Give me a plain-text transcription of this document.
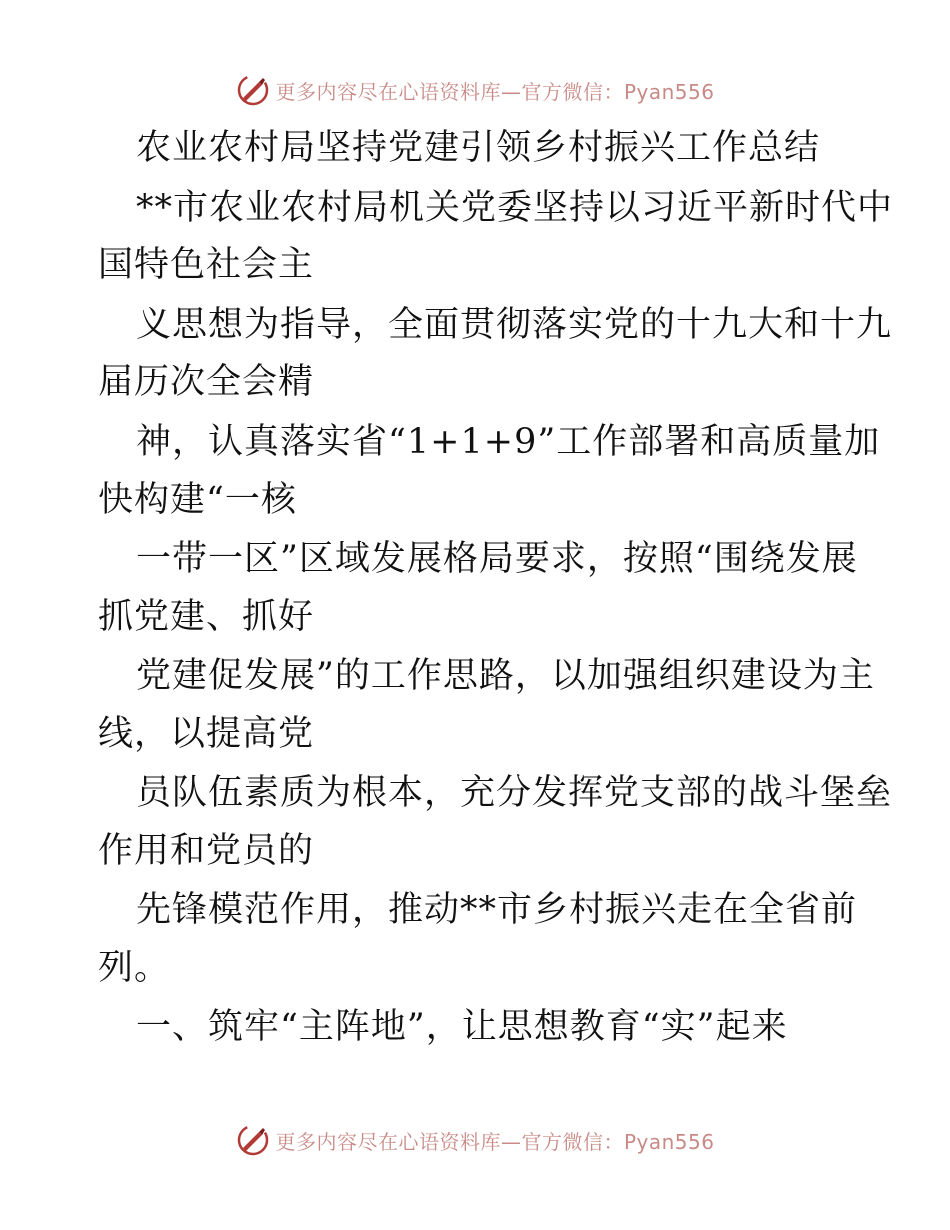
更多内容尽在心语资料库—官方微信：Pyan556

农业农村局坚持党建引领乡村振兴工作总结

**市农业农村局机关党委坚持以习近平新时代中

国特色社会主

义思想为指导，全面贯彻落实党的十九大和十九

届历次全会精

神，认真落实省“1+1+9”工作部署和高质量加

快构建“一核

一带一区”区域发展格局要求，按照“围绕发展

抓党建、抓好

党建促发展”的工作思路，以加强组织建设为主

线，以提高党

员队伍素质为根本，充分发挥党支部的战斗堡垒

作用和党员的

先锋模范作用，推动**市乡村振兴走在全省前

列。

一、筑牢“主阵地”，让思想教育“实”起来

更多内容尽在心语资料库—官方微信：Pyan556
